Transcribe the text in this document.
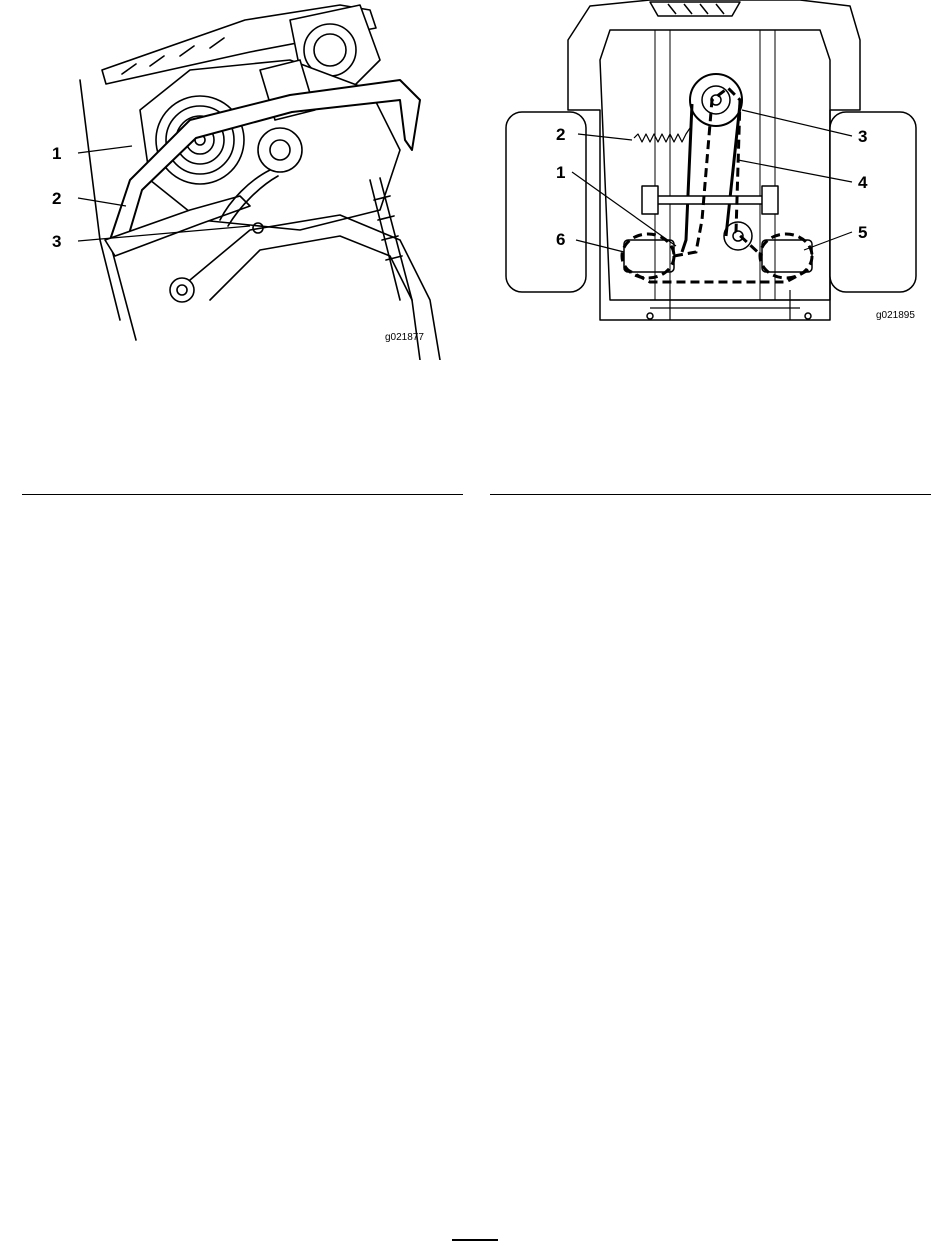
1
2
3
g021877
2
1
6
3
4
5
g021895
